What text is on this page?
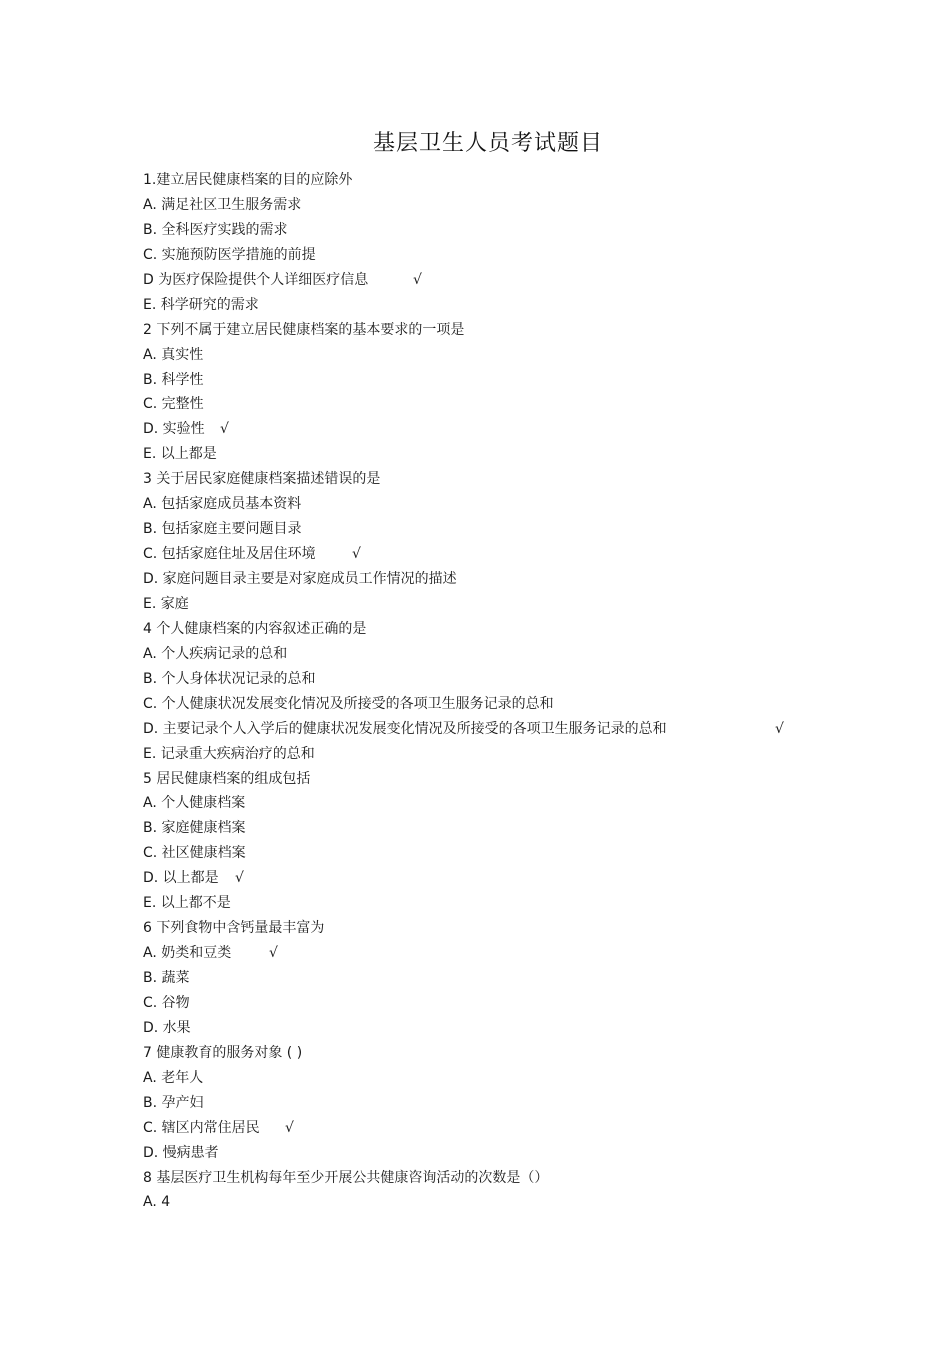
基层卫生人员考试题目
1.建立居民健康档案的目的应除外
A. 满足社区卫生服务需求
B. 全科医疗实践的需求
C. 实施预防医学措施的前提
D 为医疗保险提供个人详细医疗信息	√
E. 科学研究的需求
2 下列不属于建立居民健康档案的基本要求的一项是
A. 真实性
B. 科学性
C. 完整性
D. 实验性 √
E. 以上都是
3 关于居民家庭健康档案描述错误的是
A. 包括家庭成员基本资料
B. 包括家庭主要问题目录
C. 包括家庭住址及居住环境	√
D. 家庭问题目录主要是对家庭成员工作情况的描述
E. 家庭
4 个人健康档案的内容叙述正确的是
A. 个人疾病记录的总和
B. 个人身体状况记录的总和
C. 个人健康状况发展变化情况及所接受的各项卫生服务记录的总和
D. 主要记录个人入学后的健康状况发展变化情况及所接受的各项卫生服务记录的总和	√
E. 记录重大疾病治疗的总和
5 居民健康档案的组成包括
A. 个人健康档案
B. 家庭健康档案
C. 社区健康档案
D. 以上都是 √
E. 以上都不是
6 下列食物中含钙量最丰富为
A. 奶类和豆类	√
B. 蔬菜
C. 谷物
D. 水果
7 健康教育的服务对象 ( )
A. 老年人
B. 孕产妇
C. 辖区内常住居民 √
D. 慢病患者
8 基层医疗卫生机构每年至少开展公共健康咨询活动的次数是（）
A. 4
